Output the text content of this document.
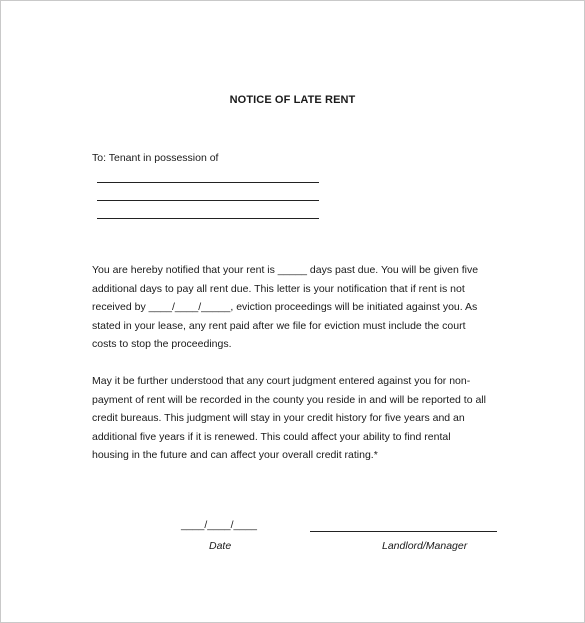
NOTICE OF LATE RENT
To: Tenant in possession of

You are hereby notified that your rent is _____ days past due. You will be given five
additional days to pay all rent due. This letter is your notification that if rent is not
received by ____/____/_____, eviction proceedings will be initiated against you. As
stated in your lease, any rent paid after we file for eviction must include the court
costs to stop the proceedings.

May it be further understood that any court judgment entered against you for non-
payment of rent will be recorded in the county you reside in and will be reported to all
credit bureaus. This judgment will stay in your credit history for five years and an
additional five years if it is renewed. This could affect your ability to find rental
housing in the future and can affect your overall credit rating.*

____/____/____
Date	Landlord/Manager
